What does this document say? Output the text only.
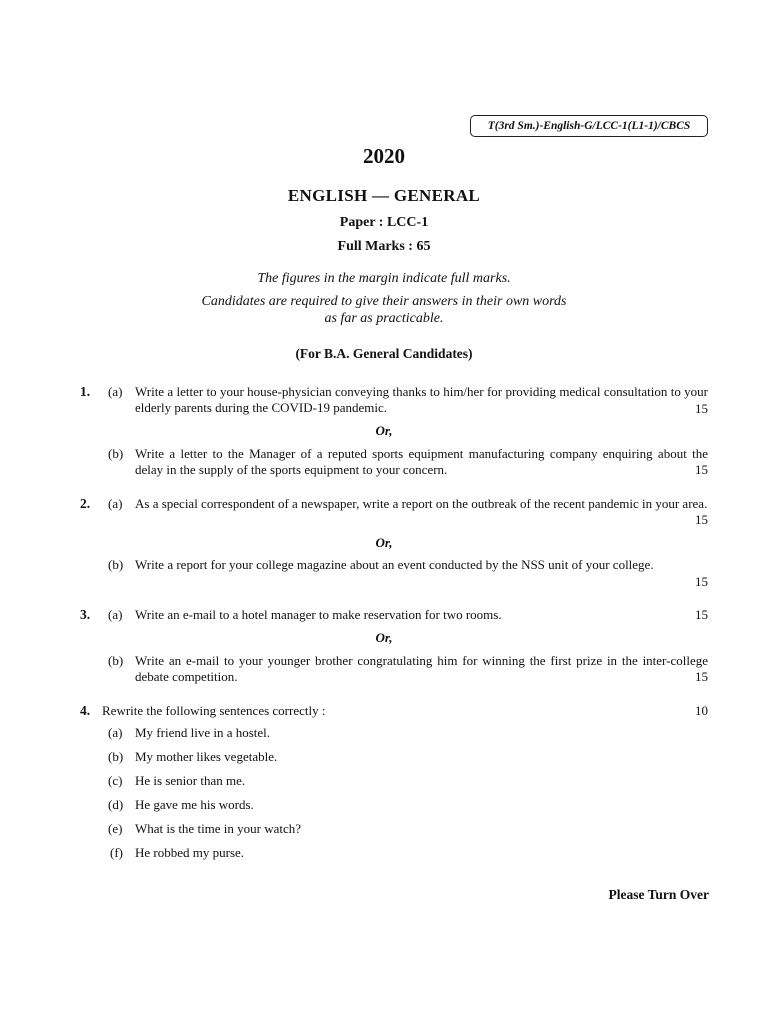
T(3rd Sm.)-English-G/LCC-1(L1-1)/CBCS
2020
ENGLISH — GENERAL
Paper : LCC-1
Full Marks : 65
The figures in the margin indicate full marks.
Candidates are required to give their answers in their own words
as far as practicable.
(For B.A. General Candidates)
1. (a) Write a letter to your house-physician conveying thanks to him/her for providing medical consultation to your elderly parents during the COVID-19 pandemic.	15
Or,
(b) Write a letter to the Manager of a reputed sports equipment manufacturing company enquiring about the delay in the supply of the sports equipment to your concern.	15
2. (a) As a special correspondent of a newspaper, write a report on the outbreak of the recent pandemic in your area.
15
Or,
(b) Write a report for your college magazine about an event conducted by the NSS unit of your college.
15
3. (a) Write an e-mail to a hotel manager to make reservation for two rooms.	15
Or,
(b) Write an e-mail to your younger brother congratulating him for winning the first prize in the inter-college debate competition.	15
4. Rewrite the following sentences correctly :	10
(a) My friend live in a hostel.
(b) My mother likes vegetable.
(c) He is senior than me.
(d) He gave me his words.
(e) What is the time in your watch?
(f) He robbed my purse.
Please Turn Over
